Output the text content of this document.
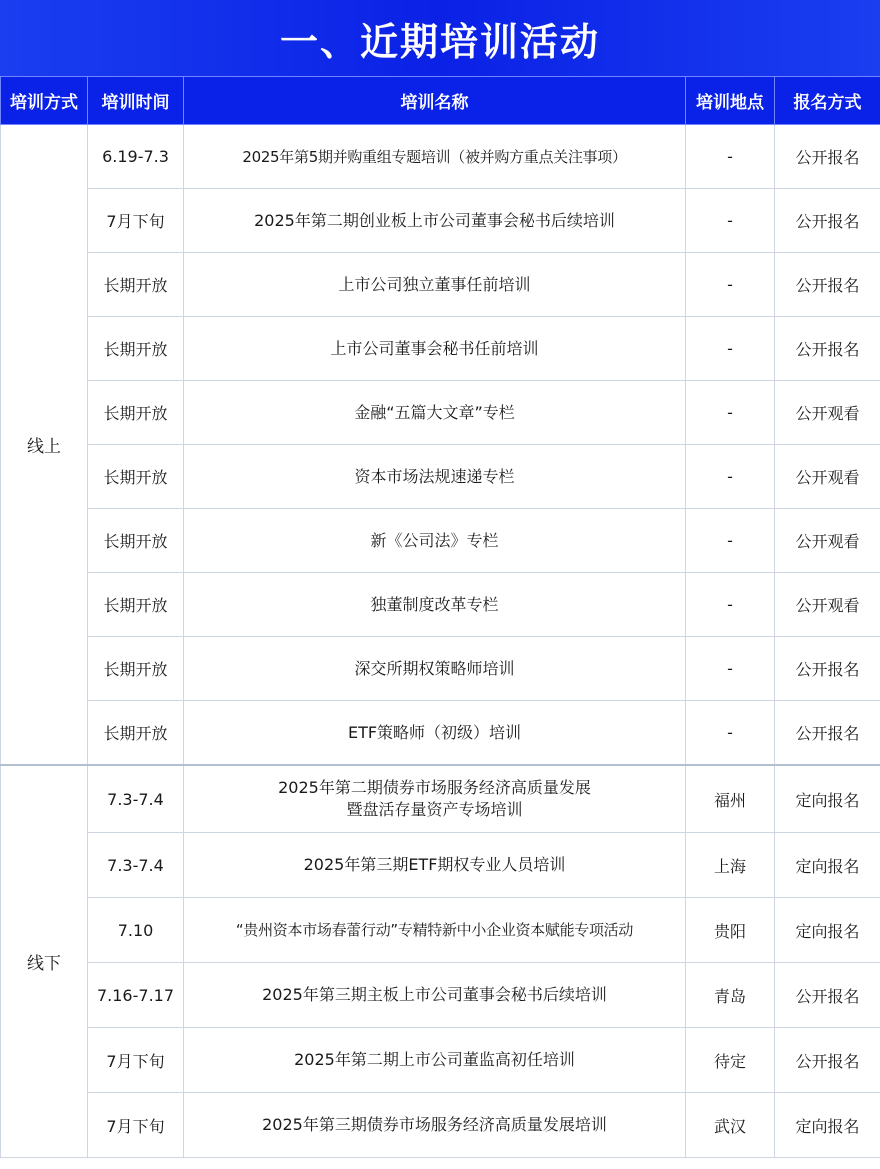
一、近期培训活动
培训方式	培训时间	培训名称	培训地点	报名方式
线上	6.19-7.3	2025年第5期并购重组专题培训（被并购方重点关注事项）	-	公开报名
	7月下旬	2025年第二期创业板上市公司董事会秘书后续培训	-	公开报名
	长期开放	上市公司独立董事任前培训	-	公开报名
	长期开放	上市公司董事会秘书任前培训	-	公开报名
	长期开放	金融“五篇大文章”专栏	-	公开观看
	长期开放	资本市场法规速递专栏	-	公开观看
	长期开放	新《公司法》专栏	-	公开观看
	长期开放	独董制度改革专栏	-	公开观看
	长期开放	深交所期权策略师培训	-	公开报名
	长期开放	ETF策略师（初级）培训	-	公开报名
线下	7.3-7.4	2025年第二期债券市场服务经济高质量发展
暨盘活存量资产专场培训	福州	定向报名
	7.3-7.4	2025年第三期ETF期权专业人员培训	上海	定向报名
	7.10	“贵州资本市场春蕾行动”专精特新中小企业资本赋能专项活动	贵阳	定向报名
	7.16-7.17	2025年第三期主板上市公司董事会秘书后续培训	青岛	公开报名
	7月下旬	2025年第二期上市公司董监高初任培训	待定	公开报名
	7月下旬	2025年第三期债券市场服务经济高质量发展培训	武汉	定向报名
